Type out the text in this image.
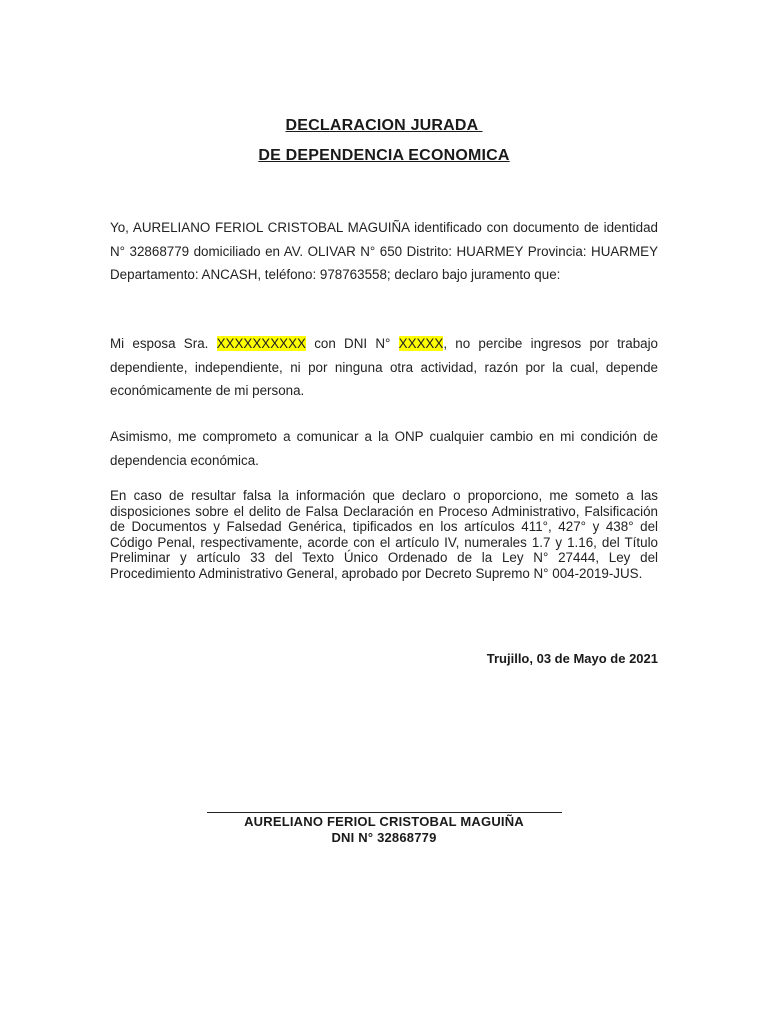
DECLARACION JURADA
DE DEPENDENCIA ECONOMICA
Yo, AURELIANO FERIOL CRISTOBAL MAGUIÑA identificado con documento de identidad N° 32868779 domiciliado en AV. OLIVAR N° 650 Distrito: HUARMEY Provincia: HUARMEY Departamento: ANCASH, teléfono: 978763558; declaro bajo juramento que:
Mi esposa Sra. XXXXXXXXXX con DNI N° XXXXX, no percibe ingresos por trabajo dependiente, independiente, ni por ninguna otra actividad, razón por la cual, depende económicamente de mi persona.
Asimismo, me comprometo a comunicar a la ONP cualquier cambio en mi condición de dependencia económica.
En caso de resultar falsa la información que declaro o proporciono, me someto a las disposiciones sobre el delito de Falsa Declaración en Proceso Administrativo, Falsificación de Documentos y Falsedad Genérica, tipificados en los artículos 411°, 427° y 438° del Código Penal, respectivamente, acorde con el artículo IV, numerales 1.7 y 1.16, del Título Preliminar y artículo 33 del Texto Único Ordenado de la Ley N° 27444, Ley del Procedimiento Administrativo General, aprobado por Decreto Supremo N° 004-2019-JUS.
Trujillo, 03 de Mayo de 2021
AURELIANO FERIOL CRISTOBAL MAGUIÑA
DNI N° 32868779
